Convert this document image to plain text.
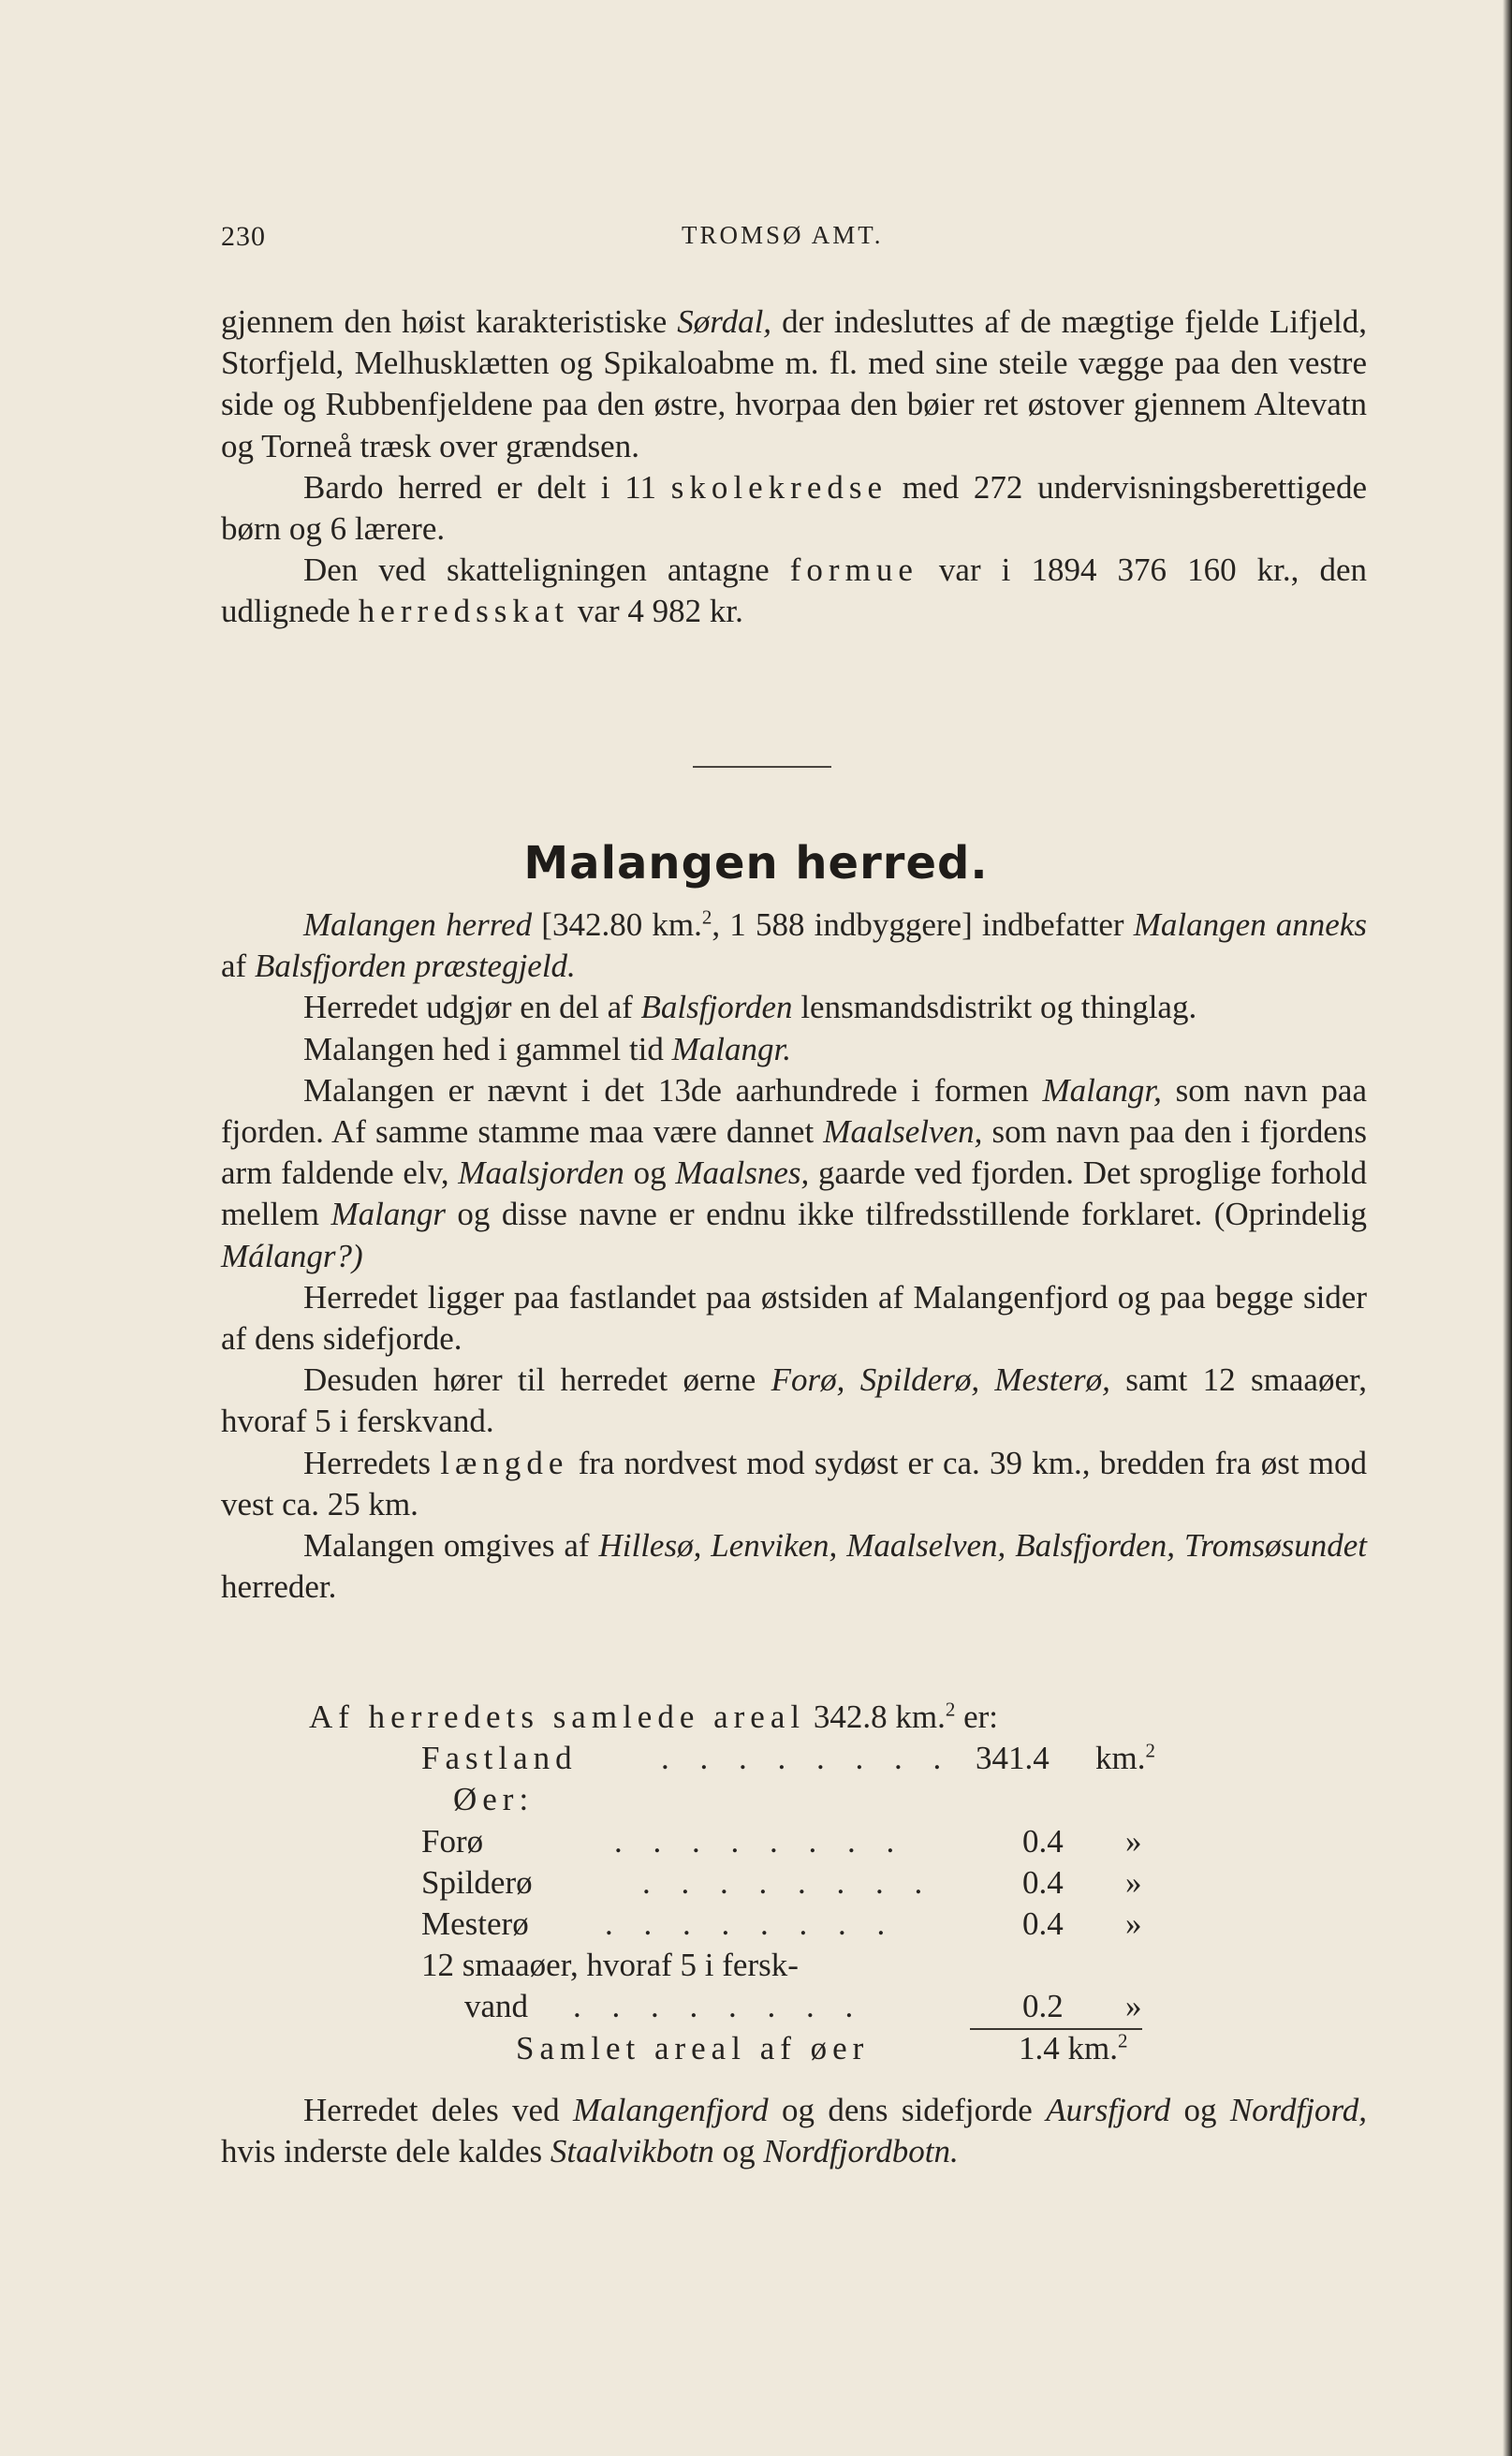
230	TROMSØ AMT.

gjennem den høist karakteristiske Sørdal, der indesluttes af de mægtige fjelde Lifjeld, Storfjeld, Melhusklætten og Spikaloabme m. fl. med sine steile vægge paa den vestre side og Rubbenfjeldene paa den østre, hvorpaa den bøier ret østover gjennem Altevatn og Torneå træsk over grændsen.

Bardo herred er delt i 11 skolekredse med 272 undervisningsberettigede børn og 6 lærere.

Den ved skatteligningen antagne formue var i 1894 376 160 kr., den udlignede herredsskat var 4 982 kr.

Malangen herred.

Malangen herred [342.80 km.$^2$, 1 588 indbyggere] indbefatter Malangen anneks af Balsfjorden præstegjeld.

Herredet udgjør en del af Balsfjorden lensmandsdistrikt og thinglag.

Malangen hed i gammel tid Malangr.

Malangen er nævnt i det 13de aarhundrede i formen Malangr, som navn paa fjorden. Af samme stamme maa være dannet Maalselven, som navn paa den i fjordens arm faldende elv, Maalsjorden og Maalsnes, gaarde ved fjorden. Det sproglige forhold mellem Malangr og disse navne er endnu ikke tilfredsstillende forklaret. (Oprindelig Málangr?)

Herredet ligger paa fastlandet paa østsiden af Malangenfjord og paa begge sider af dens sidefjorde.

Desuden hører til herredet øerne Forø, Spilderø, Mesterø, samt 12 smaaøer, hvoraf 5 i ferskvand.

Herredets længde fra nordvest mod sydøst er ca. 39 km., bredden fra øst mod vest ca. 25 km.

Malangen omgives af Hillesø, Lenviken, Maalselven, Balsfjorden, Tromsøsundet herreder.

Af herredets samlede areal 342.8 km.$^2$ er:
Fastland	. . . . . . . . 341.4 km.$^2$
Øer:
Forø	. . . . . . . .	0.4 »
Spilderø	. . . . . . . .	0.4 »
Mesterø . . . . . . . .	0.4 »
12 smaaøer, hvoraf 5 i fersk-
vand . . . . . . . .	0.2 »
Samlet areal af øer	1.4 km.$^2$

Herredet deles ved Malangenfjord og dens sidefjorde Aursfjord og Nordfjord, hvis inderste dele kaldes Staalvikbotn og Nordfjordbotn.
